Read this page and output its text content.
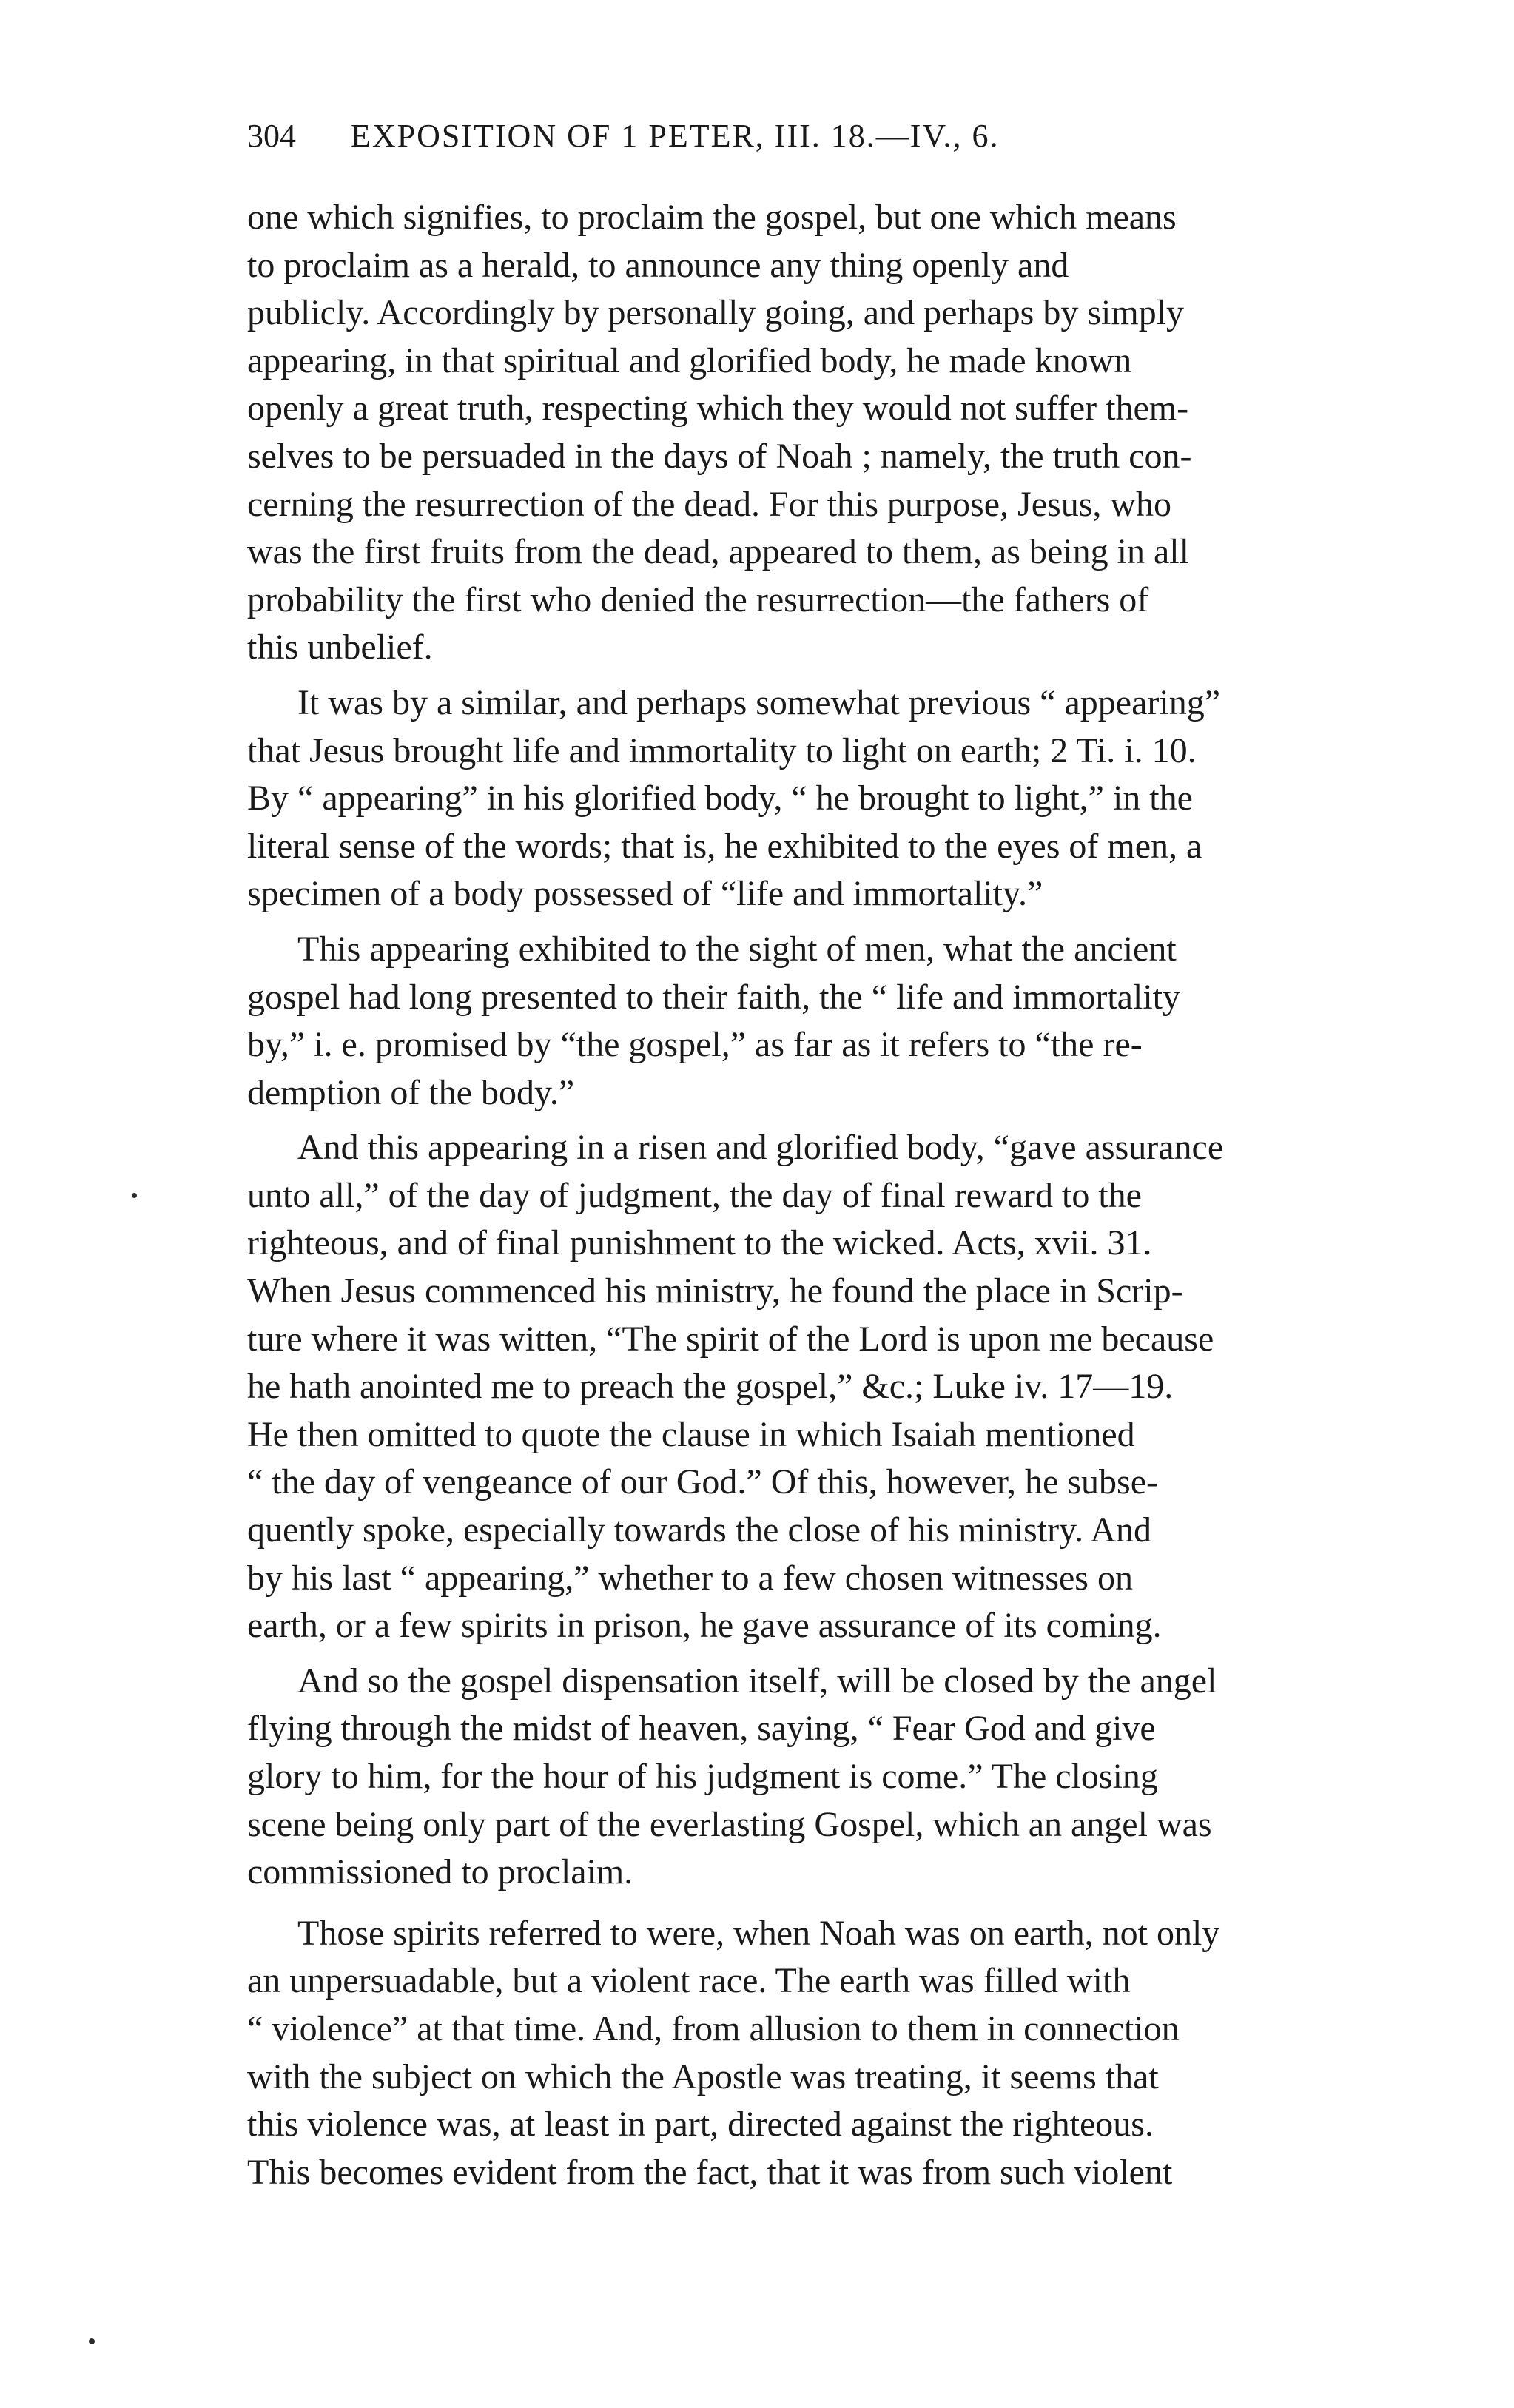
304 EXPOSITION OF 1 PETER, III. 18.—IV., 6.

one which signifies, to proclaim the gospel, but one which means
to proclaim as a herald, to announce any thing openly and
publicly. Accordingly by personally going, and perhaps by simply
appearing, in that spiritual and glorified body, he made known
openly a great truth, respecting which they would not suffer them-
selves to be persuaded in the days of Noah ; namely, the truth con-
cerning the resurrection of the dead. For this purpose, Jesus, who
was the first fruits from the dead, appeared to them, as being in all
probability the first who denied the resurrection—the fathers of
this unbelief.

It was by a similar, and perhaps somewhat previous “ appearing”
that Jesus brought life and immortality to light on earth; 2 Ti. i. 10.
By “ appearing” in his glorified body, “ he brought to light,” in the
literal sense of the words; that is, he exhibited to the eyes of men, a
specimen of a body possessed of “life and immortality.”

This appearing exhibited to the sight of men, what the ancient
gospel had long presented to their faith, the “ life and immortality
by,” i. e. promised by “the gospel,” as far as it refers to “the re-
demption of the body.”

And this appearing in a risen and glorified body, “gave assurance
unto all,” of the day of judgment, the day of final reward to the
righteous, and of final punishment to the wicked. Acts, xvii. 31.
When Jesus commenced his ministry, he found the place in Scrip-
ture where it was witten, “The spirit of the Lord is upon me because
he hath anointed me to preach the gospel,” &c.; Luke iv. 17—19.
He then omitted to quote the clause in which Isaiah mentioned
“ the day of vengeance of our God.” Of this, however, he subse-
quently spoke, especially towards the close of his ministry. And
by his last “ appearing,” whether to a few chosen witnesses on
earth, or a few spirits in prison, he gave assurance of its coming.

And so the gospel dispensation itself, will be closed by the angel
flying through the midst of heaven, saying, “ Fear God and give
glory to him, for the hour of his judgment is come.” The closing
scene being only part of the everlasting Gospel, which an angel was
commissioned to proclaim.

Those spirits referred to were, when Noah was on earth, not only
an unpersuadable, but a violent race. The earth was filled with
“ violence” at that time. And, from allusion to them in connection
with the subject on which the Apostle was treating, it seems that
this violence was, at least in part, directed against the righteous.
This becomes evident from the fact, that it was from such violent
